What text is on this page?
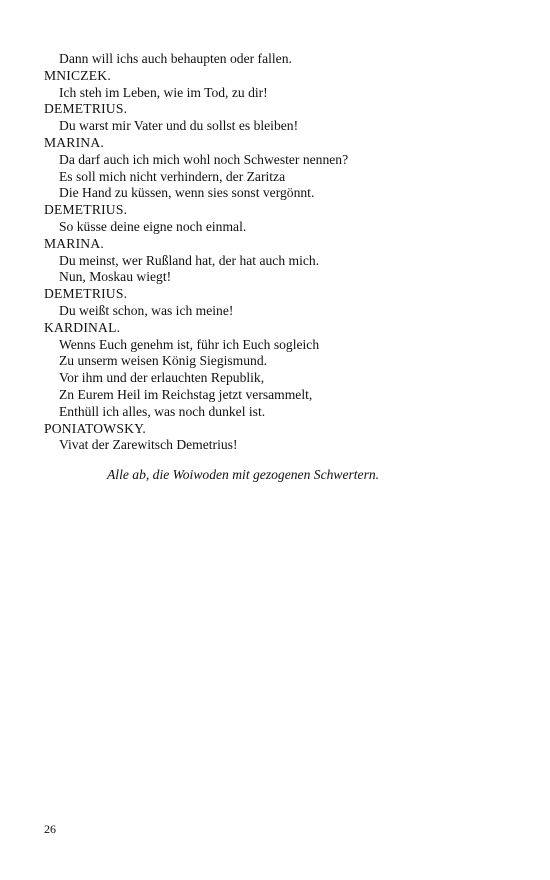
Dann will ichs auch behaupten oder fallen.
MNICZEK.
Ich steh im Leben, wie im Tod, zu dir!
DEMETRIUS.
Du warst mir Vater und du sollst es bleiben!
MARINA.
Da darf auch ich mich wohl noch Schwester nennen?
Es soll mich nicht verhindern, der Zaritza
Die Hand zu küssen, wenn sies sonst vergönnt.
DEMETRIUS.
So küsse deine eigne noch einmal.
MARINA.
Du meinst, wer Rußland hat, der hat auch mich.
Nun, Moskau wiegt!
DEMETRIUS.
Du weißt schon, was ich meine!
KARDINAL.
Wenns Euch genehm ist, führ ich Euch sogleich
Zu unserm weisen König Siegismund.
Vor ihm und der erlauchten Republik,
Zn Eurem Heil im Reichstag jetzt versammelt,
Enthüll ich alles, was noch dunkel ist.
PONIATOWSKY.
Vivat der Zarewitsch Demetrius!
Alle ab, die Woiwoden mit gezogenen Schwertern.
26
